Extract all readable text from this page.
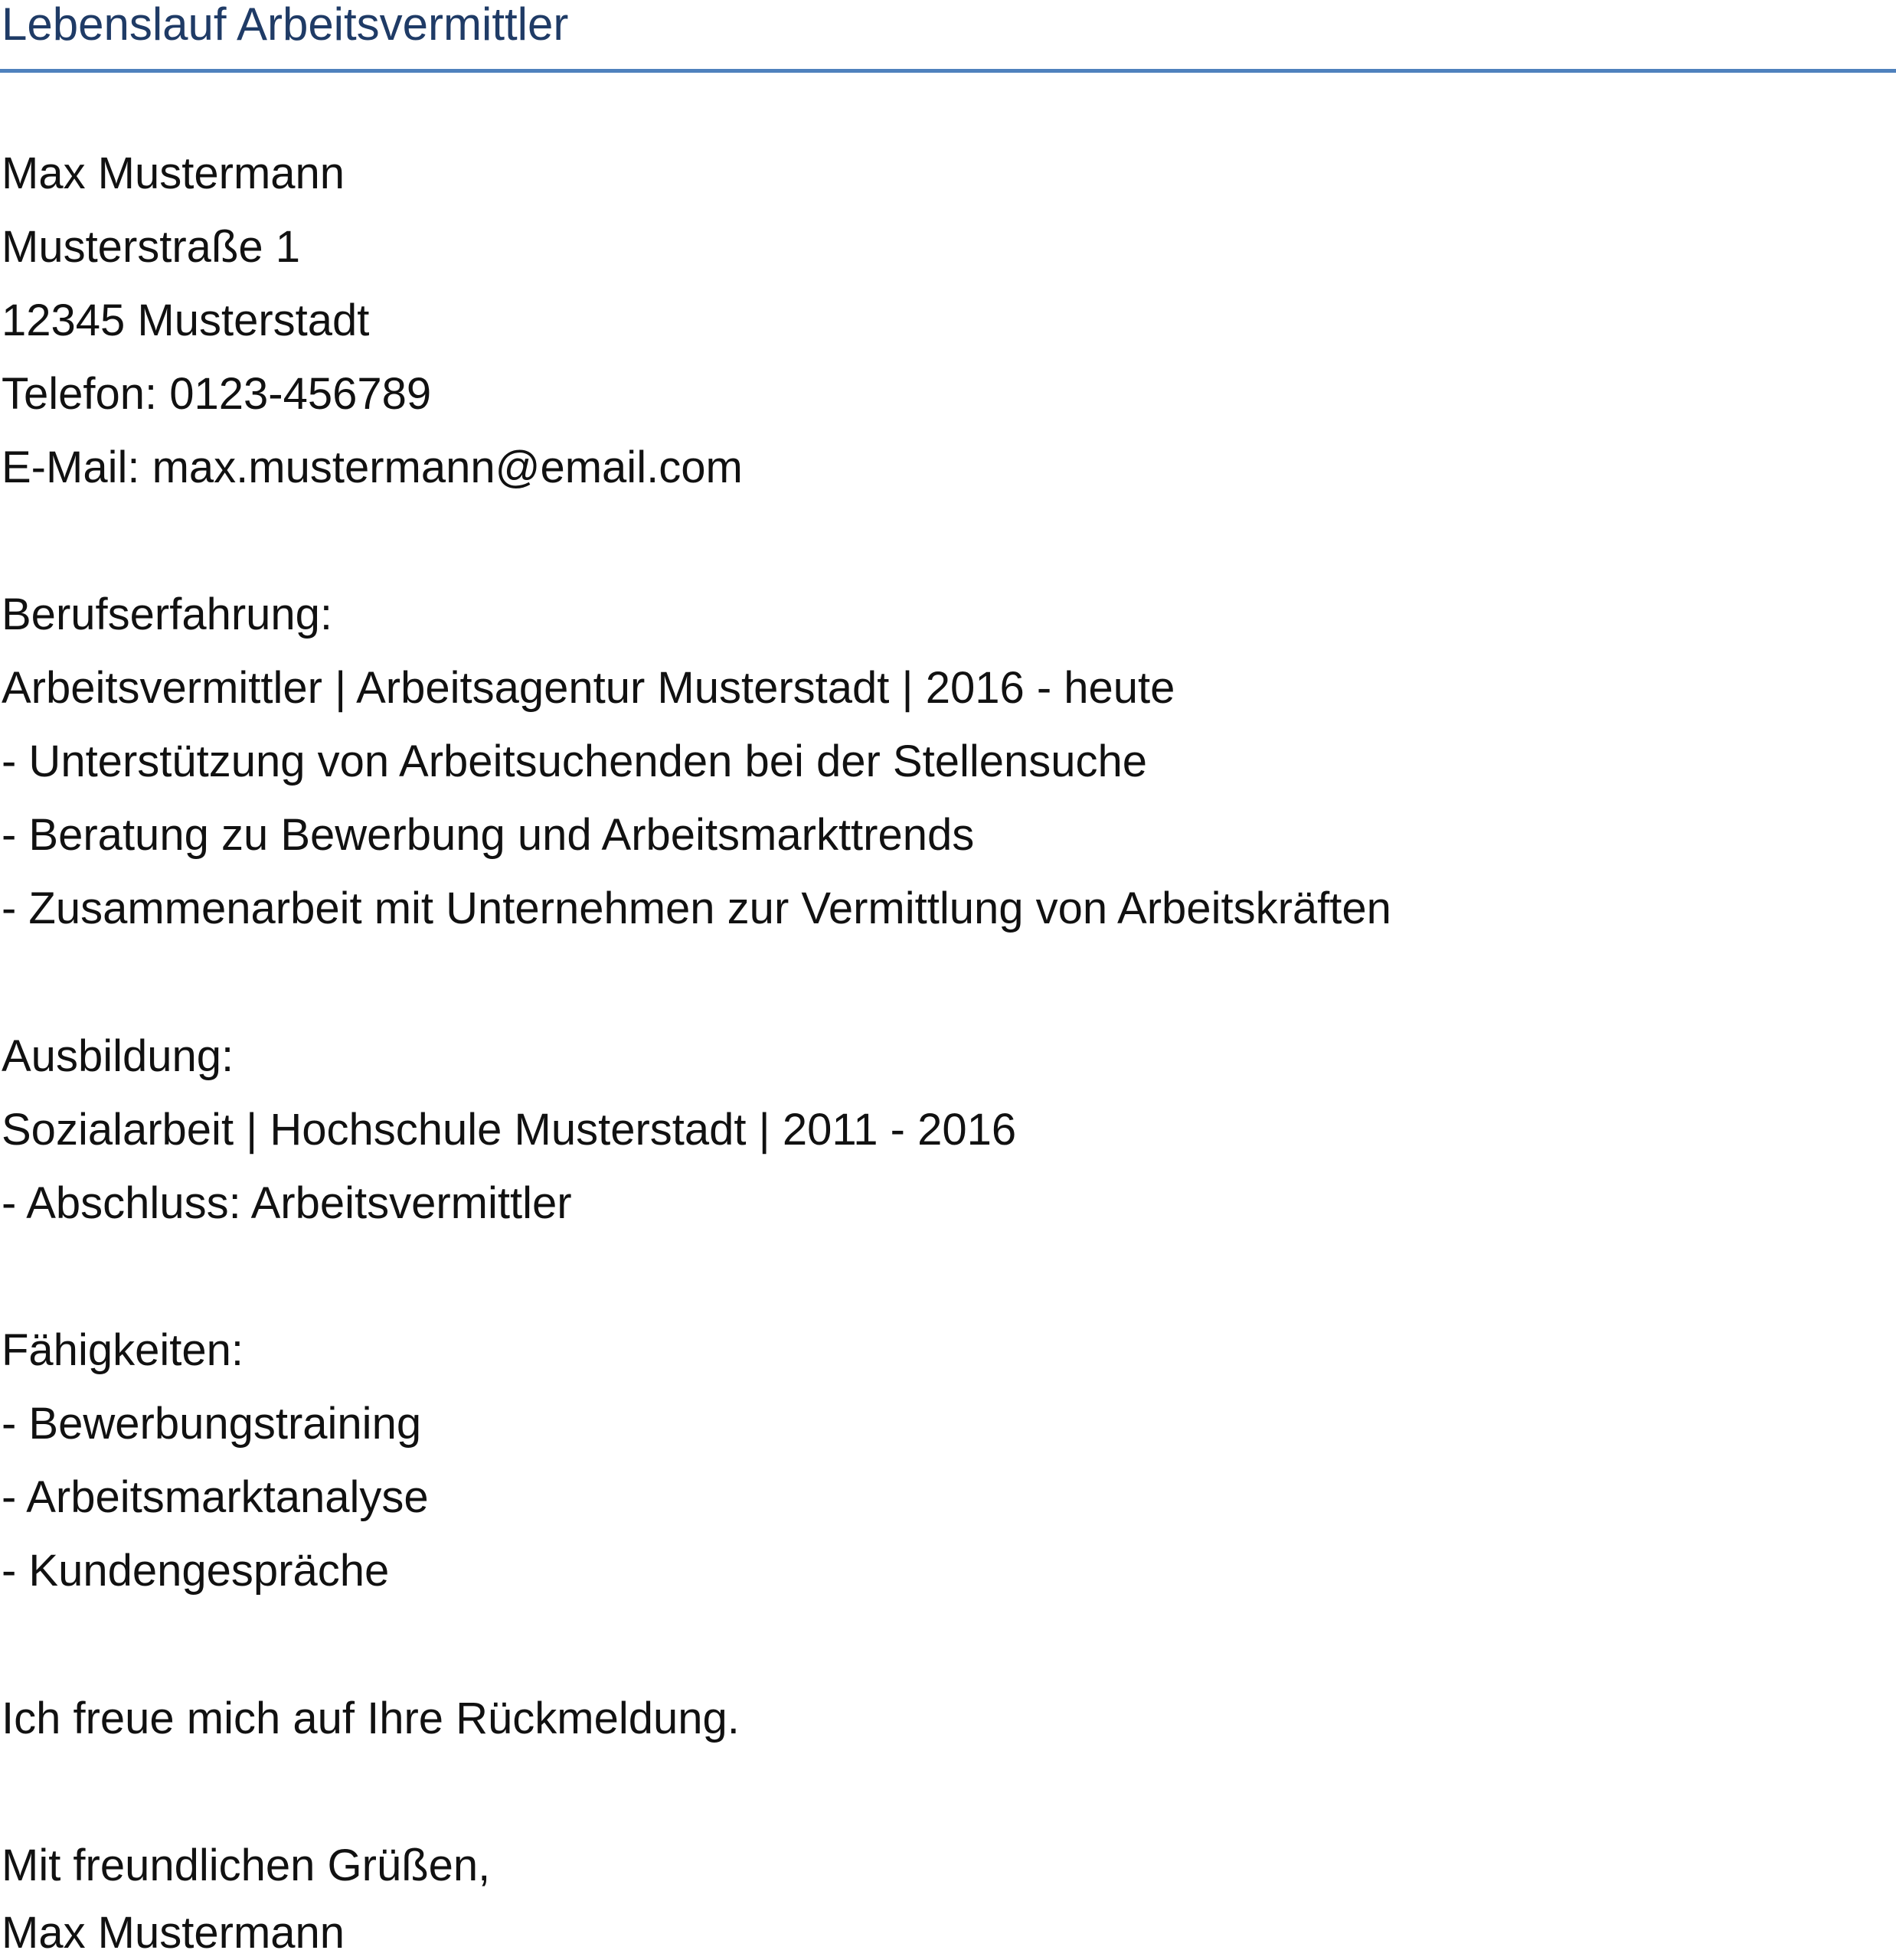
Lebenslauf Arbeitsvermittler
Max Mustermann
Musterstraße 1
12345 Musterstadt
Telefon: 0123-456789
E-Mail: max.mustermann@email.com
Berufserfahrung:
Arbeitsvermittler | Arbeitsagentur Musterstadt | 2016 - heute
- Unterstützung von Arbeitsuchenden bei der Stellensuche
- Beratung zu Bewerbung und Arbeitsmarkttrends
- Zusammenarbeit mit Unternehmen zur Vermittlung von Arbeitskräften
Ausbildung:
Sozialarbeit | Hochschule Musterstadt | 2011 - 2016
- Abschluss: Arbeitsvermittler
Fähigkeiten:
- Bewerbungstraining
- Arbeitsmarktanalyse
- Kundengespräche
Ich freue mich auf Ihre Rückmeldung.
Mit freundlichen Grüßen,
Max Mustermann
